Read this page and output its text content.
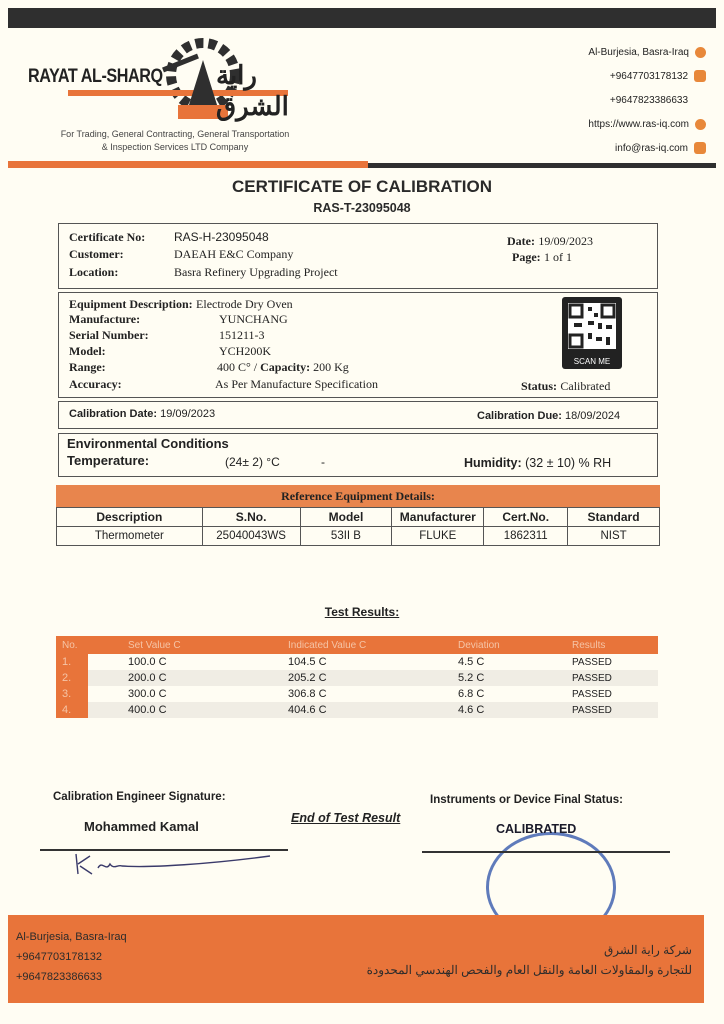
RAYAT AL-SHARQ راية الشرق
For Trading, General Contracting, General Transportation
& Inspection Services LTD Company
Al-Burjesia, Basra-Iraq
+9647703178132
+9647823386633
https://www.ras-iq.com
info@ras-iq.com
CERTIFICATE OF CALIBRATION
RAS-T-23095048
Certificate No: RAS-H-23095048
Customer:	DAEAH E&C Company
Location:	Basra Refinery Upgrading Project
Date: 19/09/2023
Page: 1 of 1
Equipment Description: Electrode Dry Oven
Manufacture:	YUNCHANG
Serial Number:	151211-3
Model:	YCH200K
Range:	400 C° / Capacity: 200 Kg
Accuracy:	As Per Manufacture Specification
SCAN ME
Status: Calibrated
Calibration Date: 19/09/2023	Calibration Due: 18/09/2024
Environmental Conditions
Temperature:	(24± 2) °C	-	Humidity: (32 ± 10) % RH
Reference Equipment Details:
Description	S.No.	Model	Manufacturer	Cert.No.	Standard
Thermometer	25040043WS	53II B	FLUKE	1862311	NIST
Test Results:
No.	Set Value C	Indicated Value C	Deviation	Results
1.	100.0 C	104.5 C	4.5 C	PASSED
2.	200.0 C	205.2 C	5.2 C	PASSED
3.	300.0 C	306.8 C	6.8 C	PASSED
4.	400.0 C	404.6 C	4.6 C	PASSED
Calibration Engineer Signature:
Mohammed Kamal
End of Test Result
Instruments or Device Final Status:
CALIBRATED
Al-Burjesia, Basra-Iraq
+9647703178132
+9647823386633
شركة راية الشرق
للتجارة والمقاولات العامة والنقل العام والفحص الهندسي المحدودة
